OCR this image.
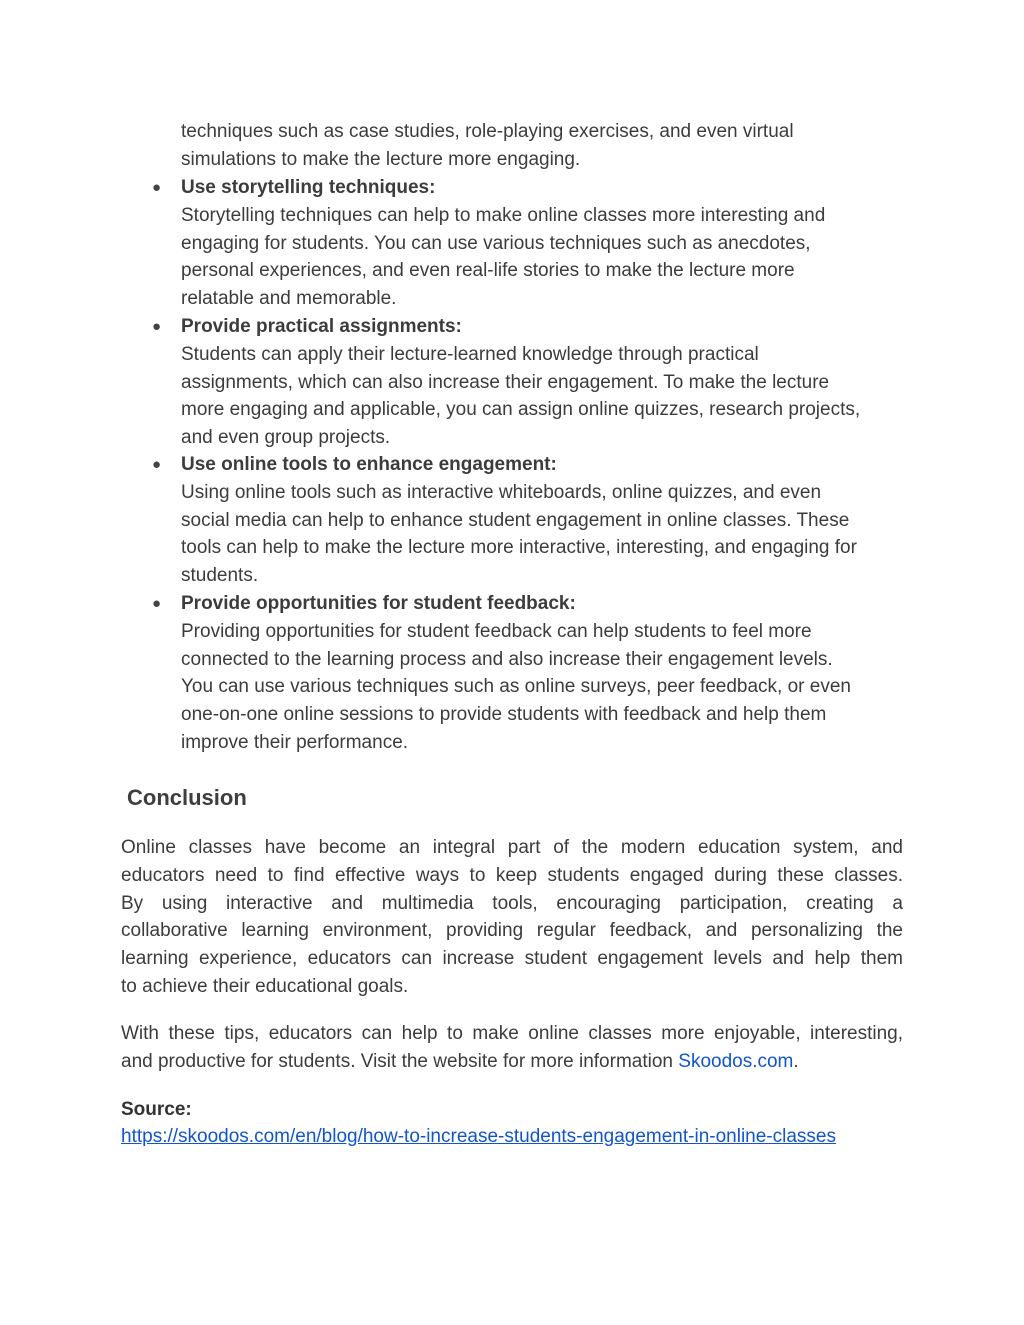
techniques such as case studies, role-playing exercises, and even virtual
simulations to make the lecture more engaging.
● Use storytelling techniques:
Storytelling techniques can help to make online classes more interesting and
engaging for students. You can use various techniques such as anecdotes,
personal experiences, and even real-life stories to make the lecture more
relatable and memorable.
● Provide practical assignments:
Students can apply their lecture-learned knowledge through practical
assignments, which can also increase their engagement. To make the lecture
more engaging and applicable, you can assign online quizzes, research projects,
and even group projects.
● Use online tools to enhance engagement:
Using online tools such as interactive whiteboards, online quizzes, and even
social media can help to enhance student engagement in online classes. These
tools can help to make the lecture more interactive, interesting, and engaging for
students.
● Provide opportunities for student feedback:
Providing opportunities for student feedback can help students to feel more
connected to the learning process and also increase their engagement levels.
You can use various techniques such as online surveys, peer feedback, or even
one-on-one online sessions to provide students with feedback and help them
improve their performance.
Conclusion
Online classes have become an integral part of the modern education system, and
educators need to find effective ways to keep students engaged during these classes.
By using interactive and multimedia tools, encouraging participation, creating a
collaborative learning environment, providing regular feedback, and personalizing the
learning experience, educators can increase student engagement levels and help them
to achieve their educational goals.
With these tips, educators can help to make online classes more enjoyable, interesting,
and productive for students. Visit the website for more information Skoodos.com.
Source:
https://skoodos.com/en/blog/how-to-increase-students-engagement-in-online-classes
